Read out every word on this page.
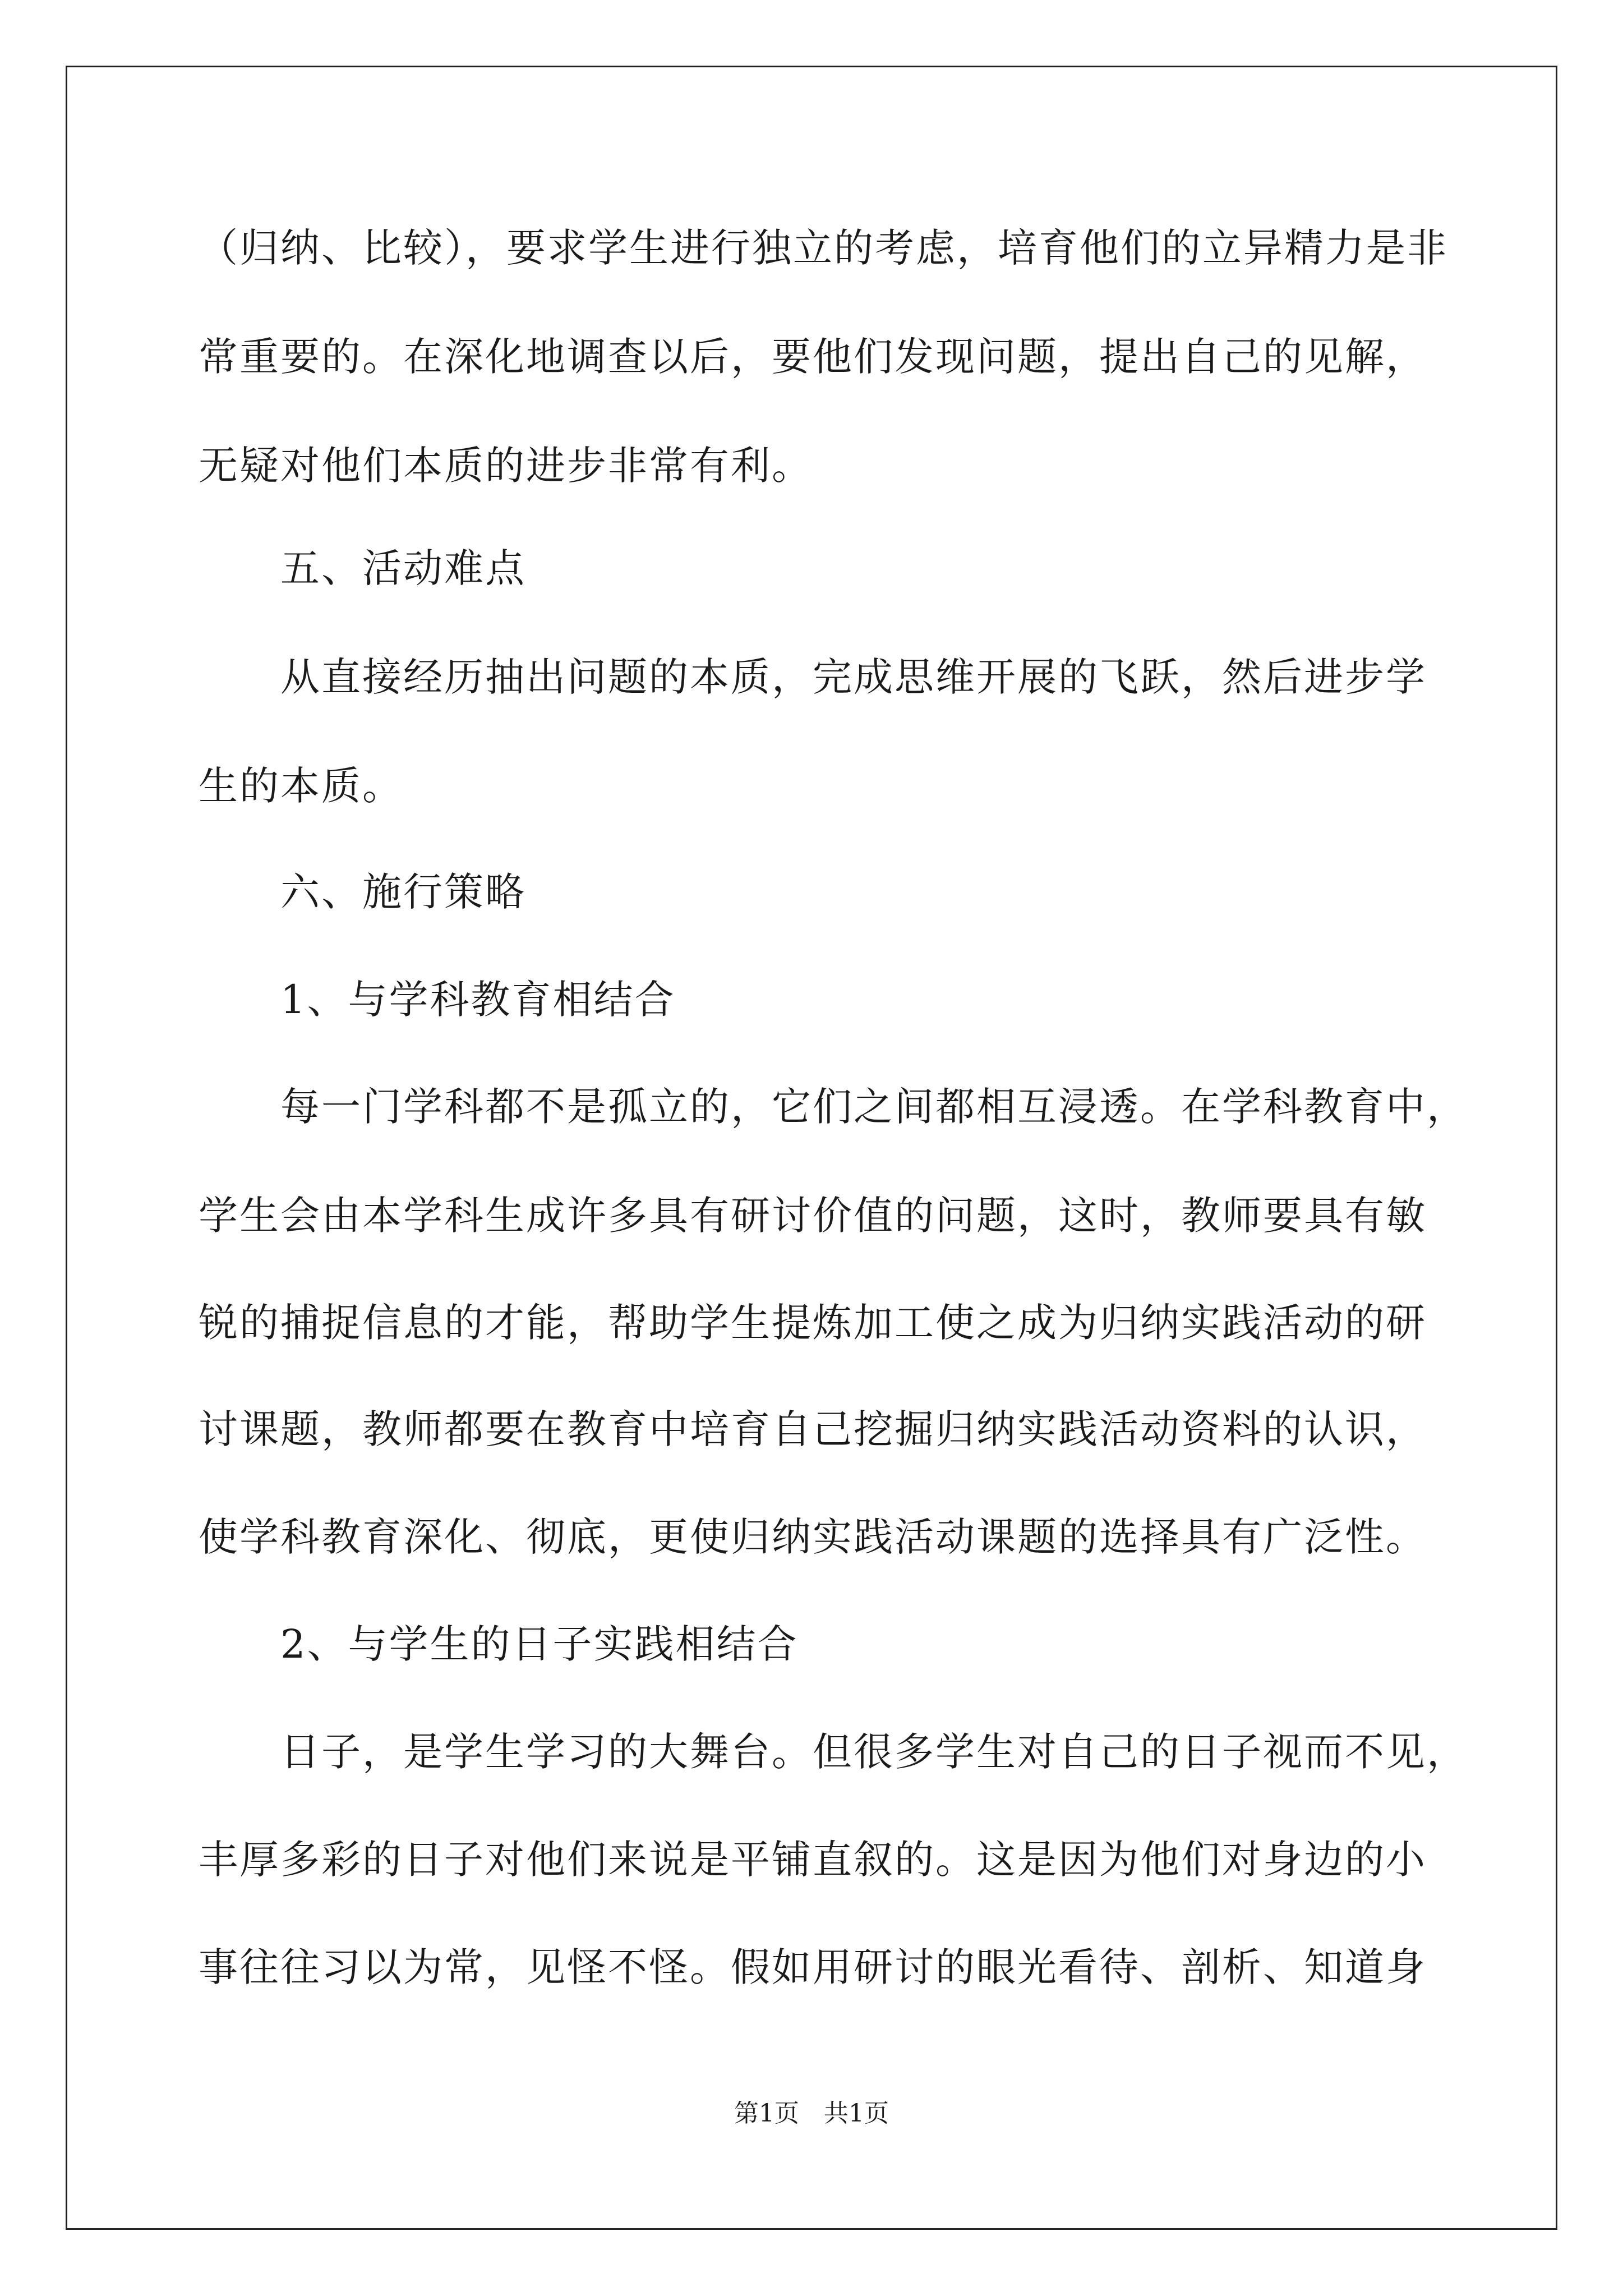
（归纳、比较），要求学生进行独立的考虑，培育他们的立异精力是非
常重要的。在深化地调查以后，要他们发现问题，提出自己的见解，
无疑对他们本质的进步非常有利。
五、活动难点
从直接经历抽出问题的本质，完成思维开展的飞跃，然后进步学
生的本质。
六、施行策略
1、与学科教育相结合
每一门学科都不是孤立的，它们之间都相互浸透。在学科教育中，
学生会由本学科生成许多具有研讨价值的问题，这时，教师要具有敏
锐的捕捉信息的才能，帮助学生提炼加工使之成为归纳实践活动的研
讨课题，教师都要在教育中培育自己挖掘归纳实践活动资料的认识，
使学科教育深化、彻底，更使归纳实践活动课题的选择具有广泛性。
2、与学生的日子实践相结合
日子，是学生学习的大舞台。但很多学生对自己的日子视而不见，
丰厚多彩的日子对他们来说是平铺直叙的。这是因为他们对身边的小
事往往习以为常，见怪不怪。假如用研讨的眼光看待、剖析、知道身
第1页　共1页
